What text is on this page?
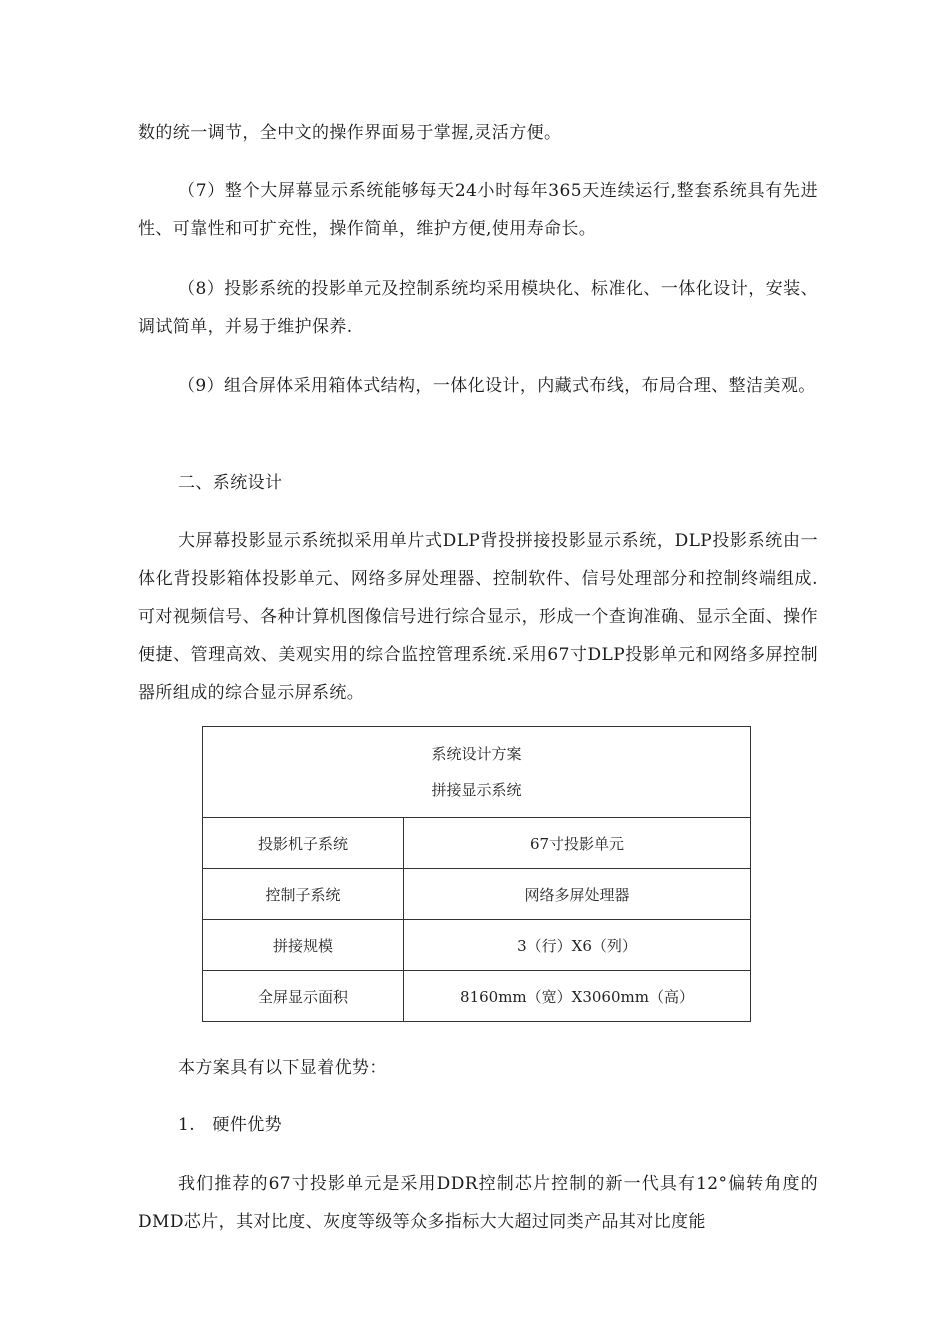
数的统一调节，全中文的操作界面易于掌握,灵活方便。

（7）整个大屏幕显示系统能够每天24小时每年365天连续运行,整套系统具有先进性、可靠性和可扩充性，操作简单，维护方便,使用寿命长。

（8）投影系统的投影单元及控制系统均采用模块化、标准化、一体化设计，安装、调试简单，并易于维护保养.

（9）组合屏体采用箱体式结构，一体化设计，内藏式布线，布局合理、整洁美观。

二、系统设计

大屏幕投影显示系统拟采用单片式DLP背投拼接投影显示系统，DLP投影系统由一体化背投影箱体投影单元、网络多屏处理器、控制软件、信号处理部分和控制终端组成.可对视频信号、各种计算机图像信号进行综合显示，形成一个查询准确、显示全面、操作便捷、管理高效、美观实用的综合监控管理系统.采用67寸DLP投影单元和网络多屏控制器所组成的综合显示屏系统。

系统设计方案
拼接显示系统	

投影机子系统	67寸投影单元
控制子系统	网络多屏处理器
拼接规模	3（行）X6（列）
全屏显示面积	8160mm（宽）X3060mm（高）

本方案具有以下显着优势：

1.　硬件优势

我们推荐的67寸投影单元是采用DDR控制芯片控制的新一代具有12°偏转角度的DMD芯片，其对比度、灰度等级等众多指标大大超过同类产品其对比度能
